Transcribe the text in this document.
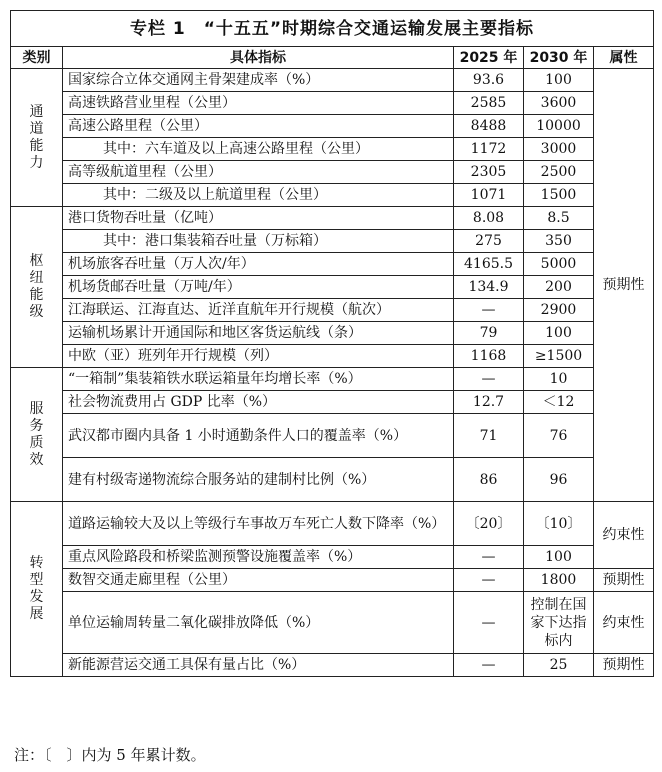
专栏 1　“十五五”时期综合交通运输发展主要指标				
类别	具体指标	2025 年	2030 年	属性
通道能力	国家综合立体交通网主骨架建成率（%）	93.6	100	预期性
	高速铁路营业里程（公里）	2585	3600	
	高速公路里程（公里）	8488	10000	
	其中：六车道及以上高速公路里程（公里）	1172	3000	
	高等级航道里程（公里）	2305	2500	
	其中：二级及以上航道里程（公里）	1071	1500	
枢纽能级	港口货物吞吐量（亿吨）	8.08	8.5	
	其中：港口集装箱吞吐量（万标箱）	275	350	
	机场旅客吞吐量（万人次/年）	4165.5	5000	
	机场货邮吞吐量（万吨/年）	134.9	200	
	江海联运、江海直达、近洋直航年开行规模（航次）	—	2900	
	运输机场累计开通国际和地区客货运航线（条）	79	100	
	中欧（亚）班列年开行规模（列）	1168	≥1500	
服务质效	“一箱制”集装箱铁水联运箱量年均增长率（%）	—	10	
	社会物流费用占 GDP 比率（%）	12.7	＜12	
	武汉都市圈内具备 1 小时通勤条件人口的覆盖率（%）	71	76	
	建有村级寄递物流综合服务站的建制村比例（%）	86	96	
转型发展	道路运输较大及以上等级行车事故万车死亡人数下降率（%）	〔20〕	〔10〕	约束性
	重点风险路段和桥梁监测预警设施覆盖率（%）	—	100	
	数智交通走廊里程（公里）	—	1800	预期性
	单位运输周转量二氧化碳排放降低（%）	—	控制在国家下达指标内	约束性
	新能源营运交通工具保有量占比（%）	—	25	预期性
注：〔　〕内为 5 年累计数。
